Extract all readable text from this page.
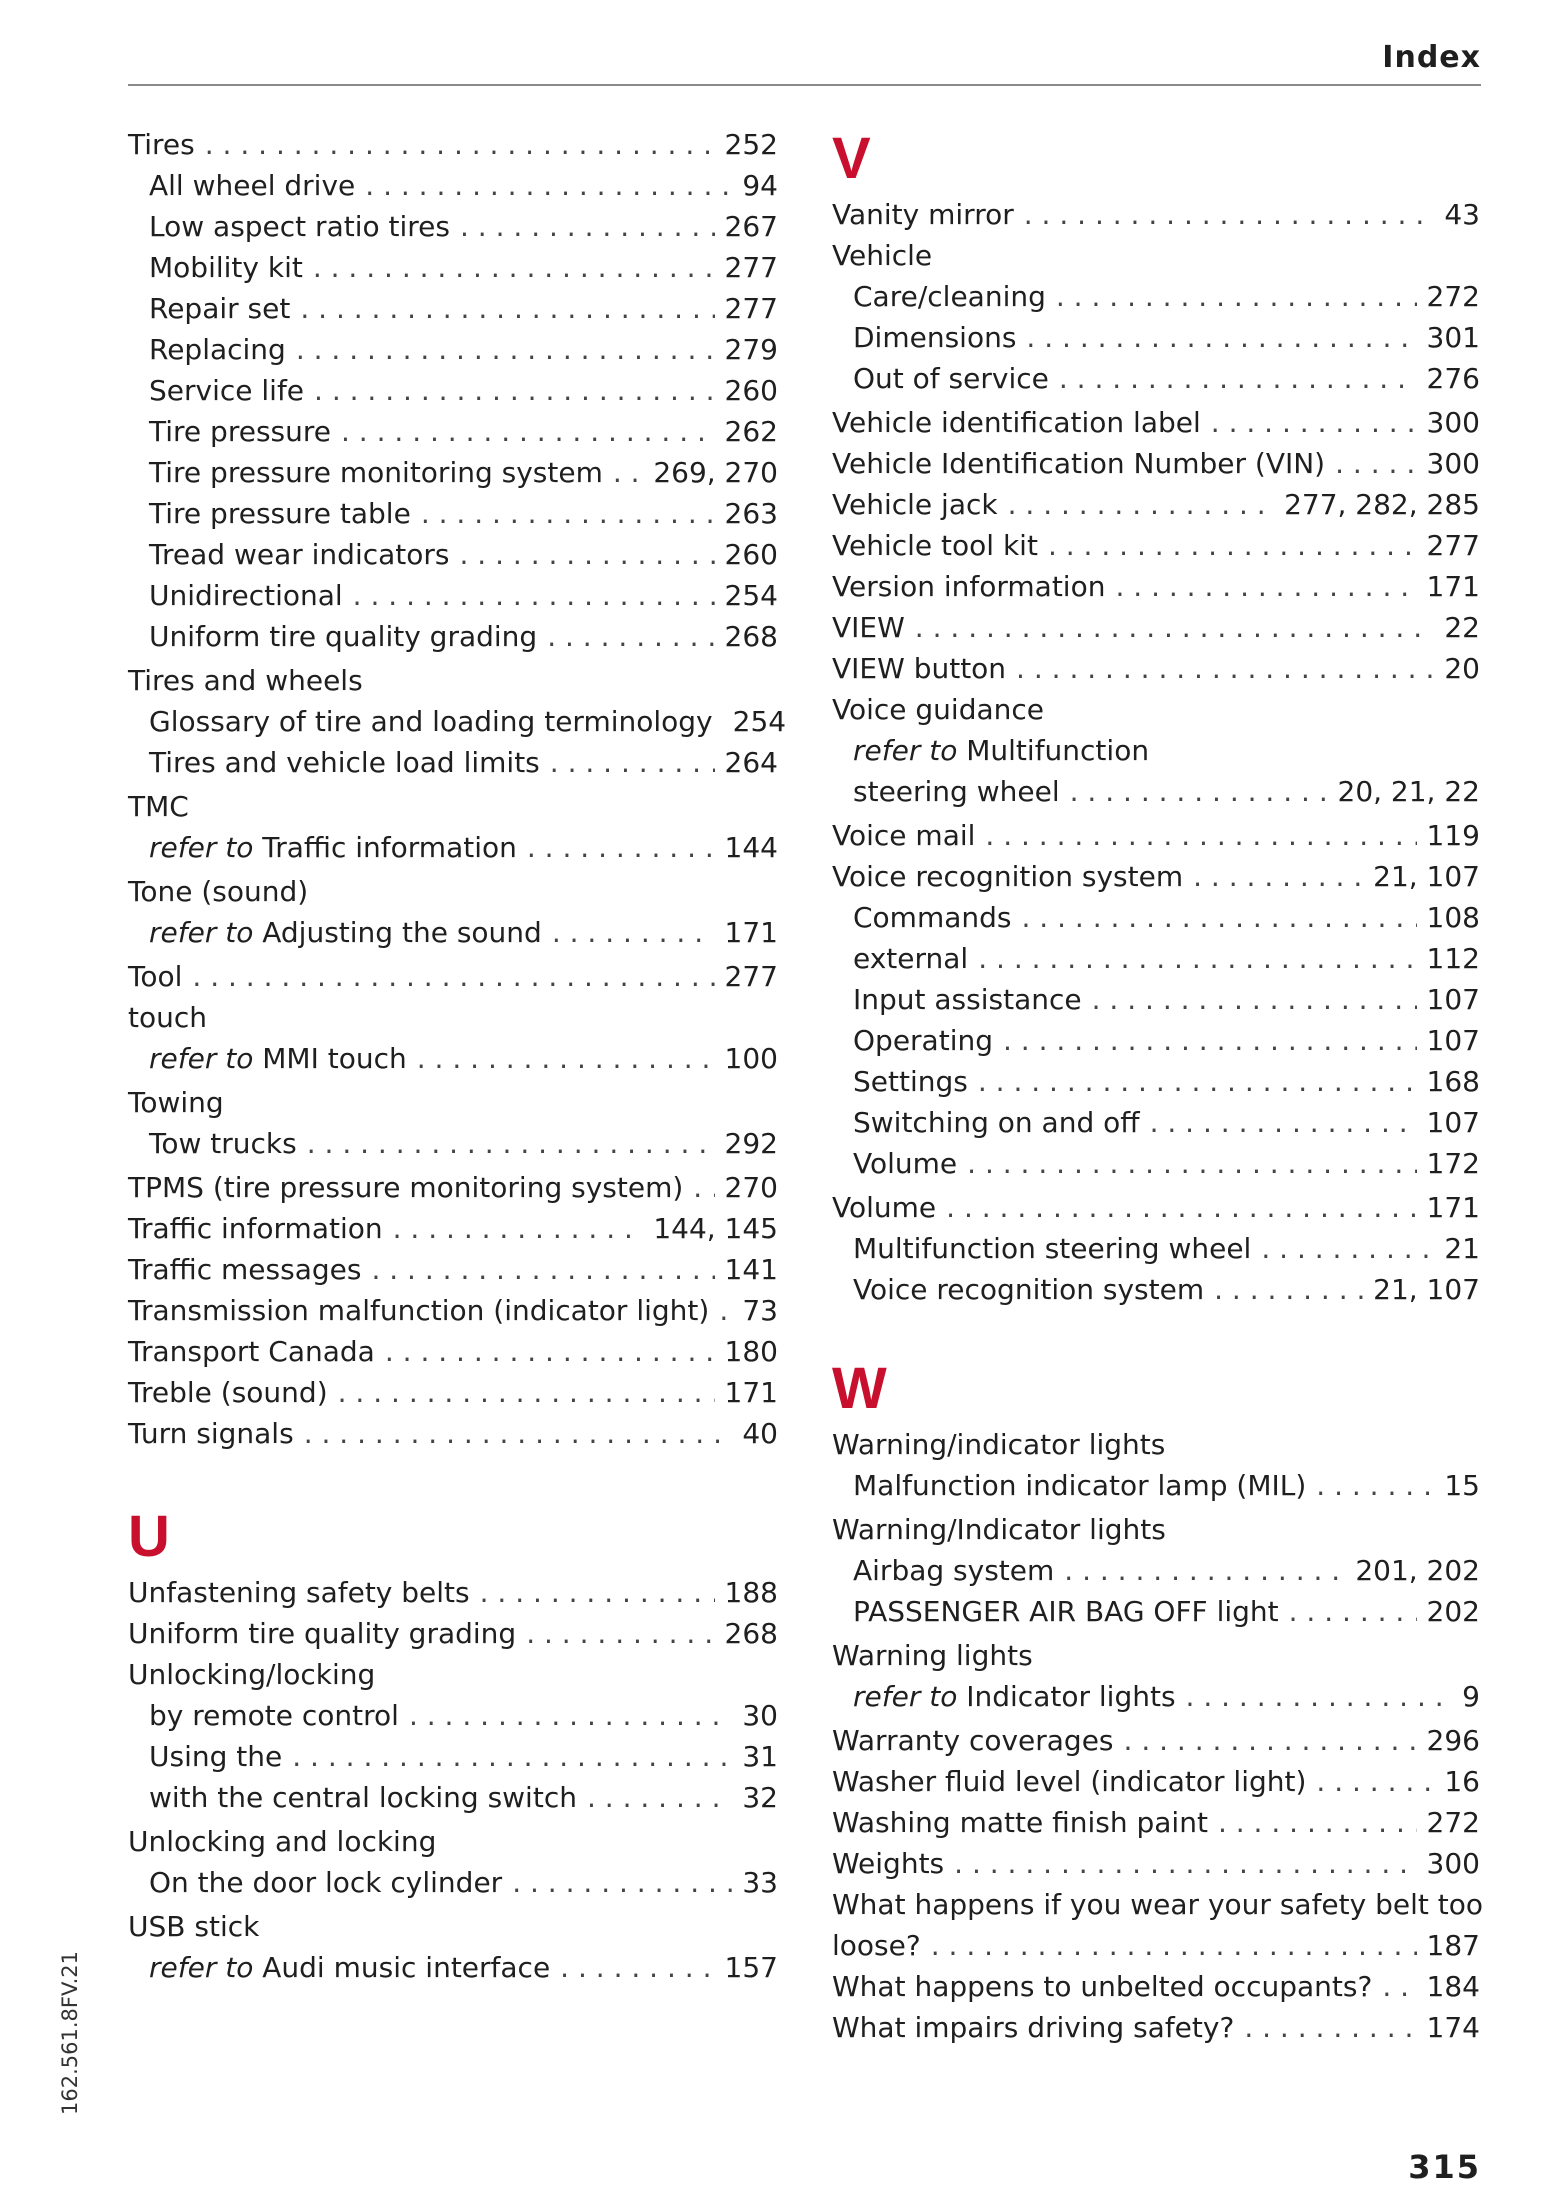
Index
Tires . . .	252
All wheel drive . . .	94
Low aspect ratio tires . . .	267
Mobility kit . . .	277
Repair set . . .	277
Replacing . . .	279
Service life . . .	260
Tire pressure . . .	262
Tire pressure monitoring system . . . 269, 270
Tire pressure table . . .	263
Tread wear indicators . . .	260
Unidirectional . . .	254
Uniform tire quality grading . . .	268
Tires and wheels
Glossary of tire and loading terminology 254
Tires and vehicle load limits . . .	264
TMC
refer to Traffic information . . .	144
Tone (sound)
refer to Adjusting the sound . . .	171
Tool . . .	277
touch
refer to MMI touch . . .	100
Towing
Tow trucks . . .	292
TPMS (tire pressure monitoring system) . . . 270
Traffic information . . .	144, 145
Traffic messages . . .	141
Transmission malfunction (indicator light) . . . 73
Transport Canada . . .	180
Treble (sound) . . .	171
Turn signals . . .	40
U
Unfastening safety belts . . .	188
Uniform tire quality grading . . .	268
Unlocking/locking
by remote control . . .	30
Using the . . .	31
with the central locking switch . . .	32
Unlocking and locking
On the door lock cylinder . . .	33
USB stick
refer to Audi music interface . . .	157
V
Vanity mirror . . .	43
Vehicle
Care/cleaning . . .	272
Dimensions . . .	301
Out of service . . .	276
Vehicle identification label . . .	300
Vehicle Identification Number (VIN) . . .	300
Vehicle jack . . .	277, 282, 285
Vehicle tool kit . . .	277
Version information . . .	171
VIEW . . .	22
VIEW button . . .	20
Voice guidance
refer to Multifunction
steering wheel . . .	20, 21, 22
Voice mail . . .	119
Voice recognition system . . .	21, 107
Commands . . .	108
external . . .	112
Input assistance . . .	107
Operating . . .	107
Settings . . .	168
Switching on and off . . .	107
Volume . . .	172
Volume . . .	171
Multifunction steering wheel . . .	21
Voice recognition system . . .	21, 107
W
Warning/indicator lights
Malfunction indicator lamp (MIL) . . .	15
Warning/Indicator lights
Airbag system . . .	201, 202
PASSENGER AIR BAG OFF light . . .	202
Warning lights
refer to Indicator lights . . .	9
Warranty coverages . . .	296
Washer fluid level (indicator light) . . .	16
Washing matte finish paint . . .	272
Weights . . .	300
What happens if you wear your safety belt too
loose? . . .	187
What happens to unbelted occupants? . . . 184
What impairs driving safety? . . .	174
162.561.8FV.21
315
